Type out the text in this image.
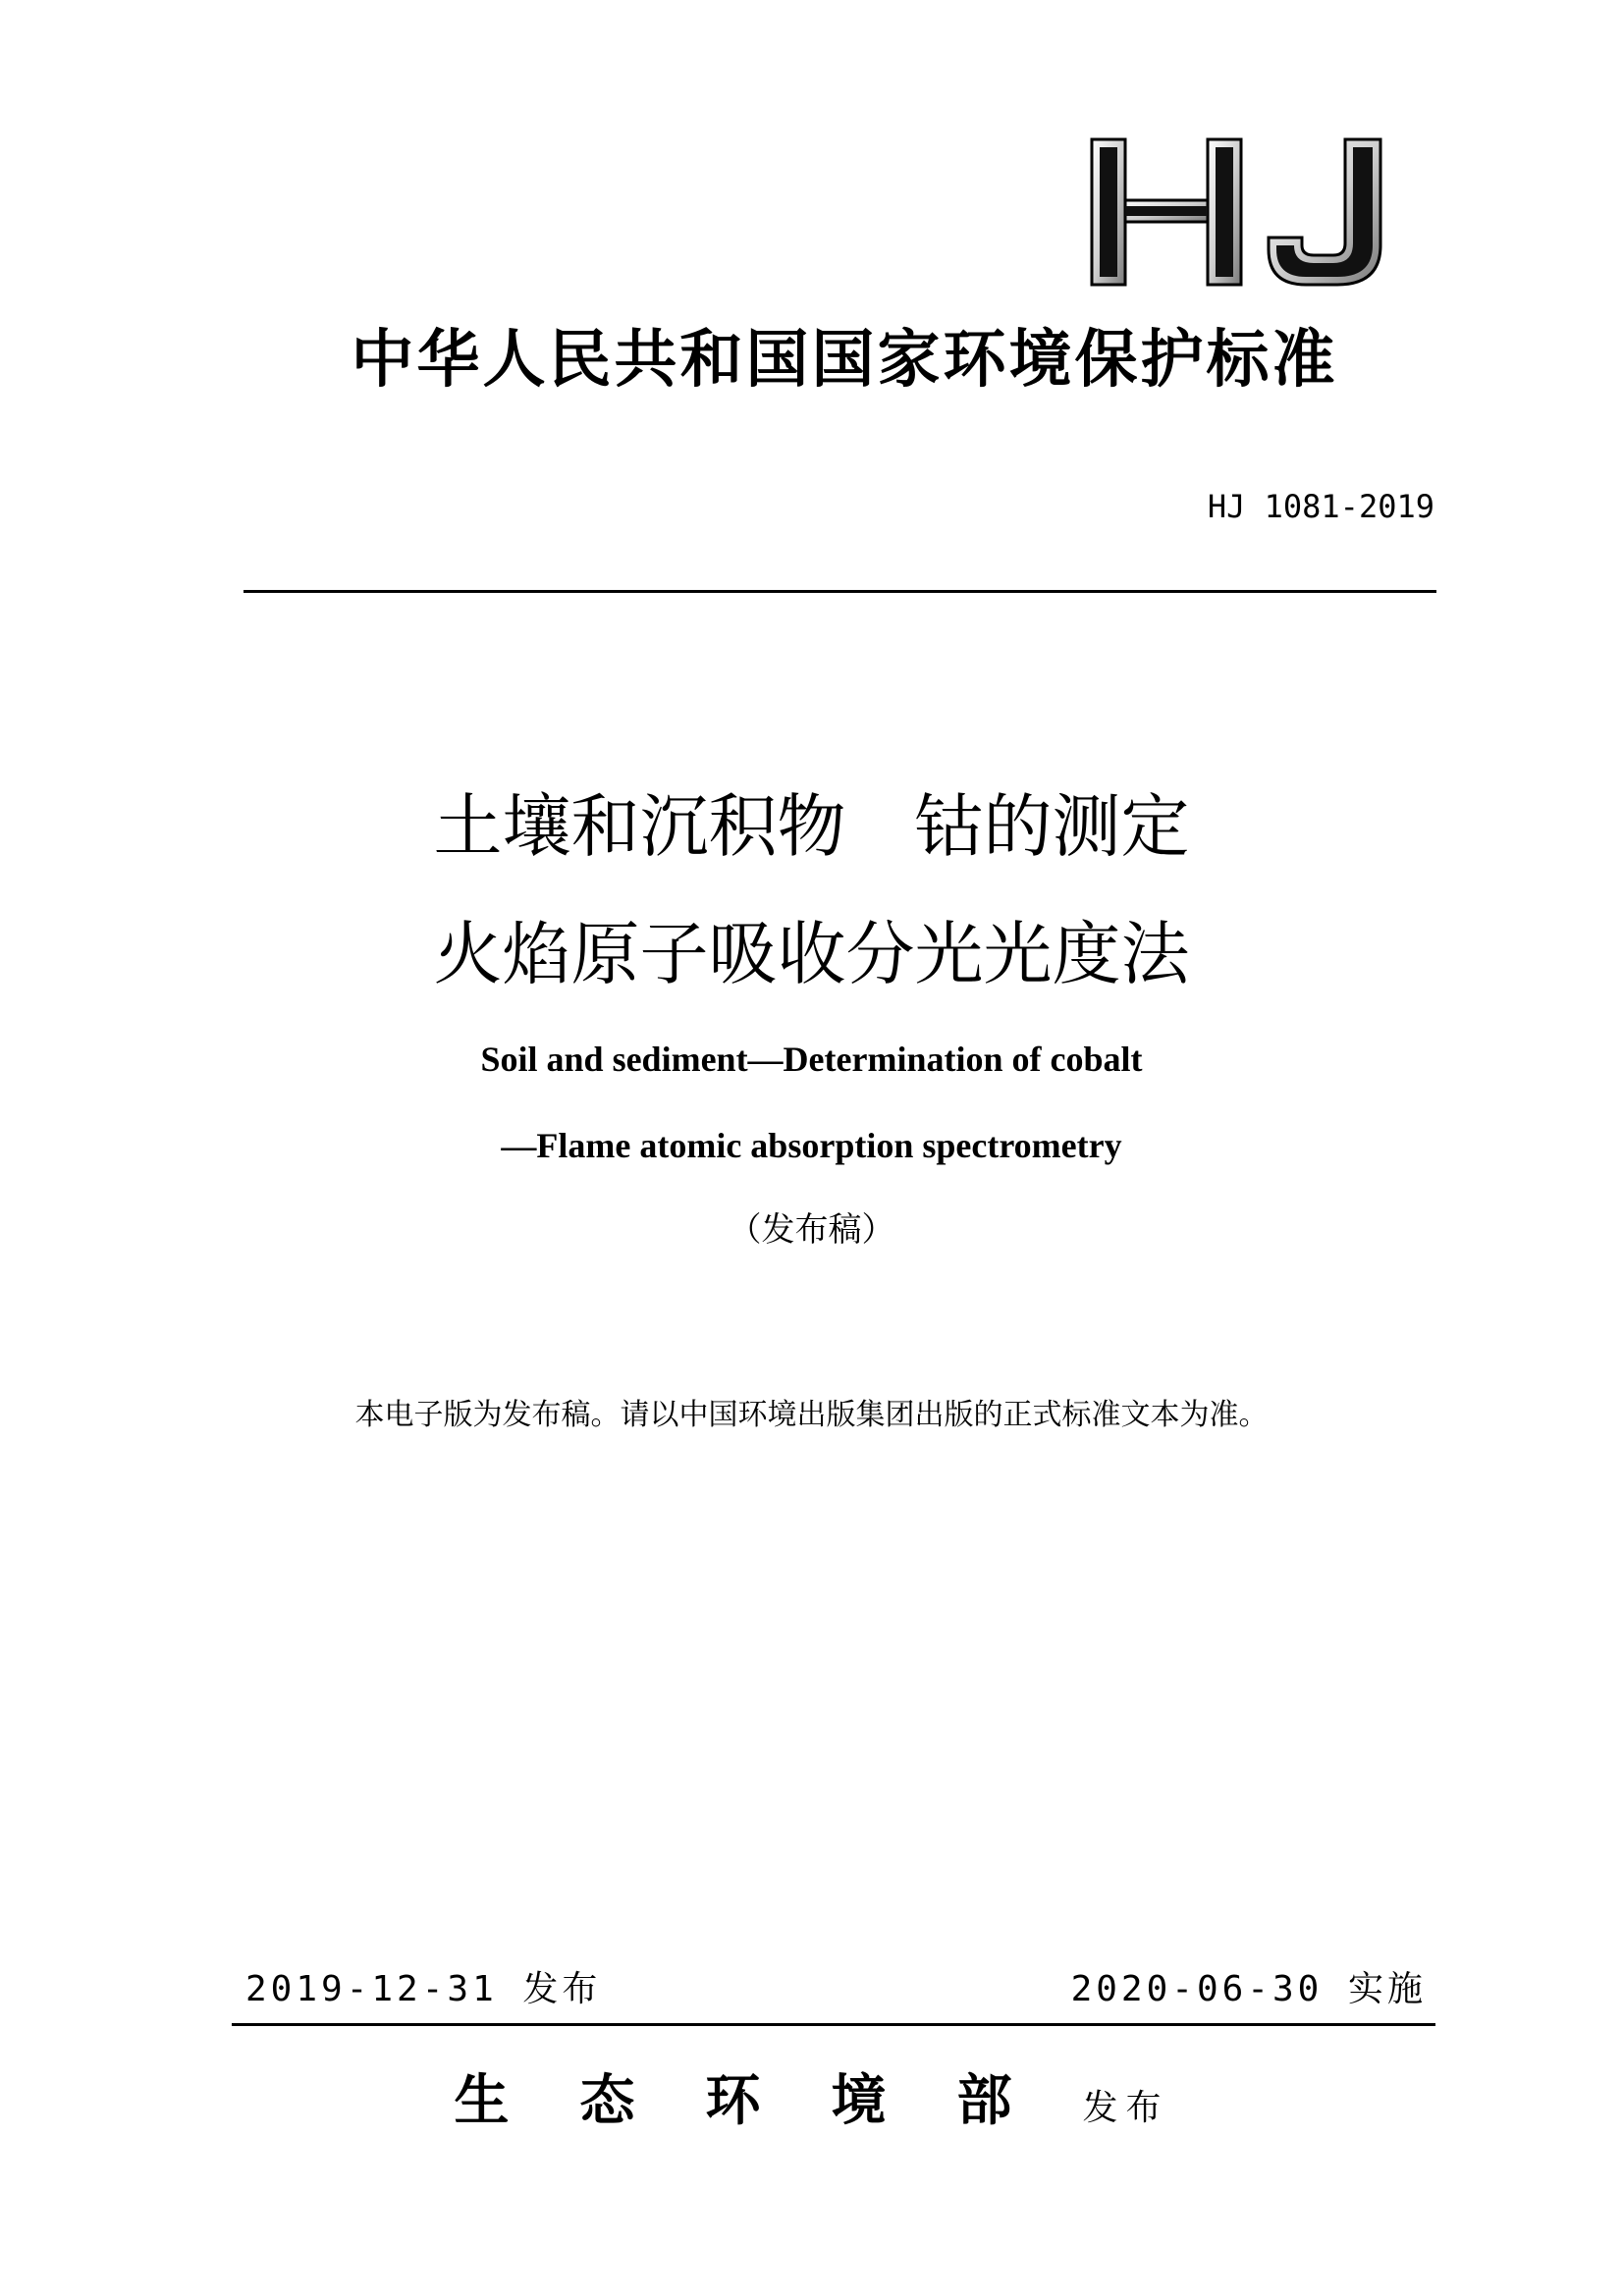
中华人民共和国国家环境保护标准
HJ 1081-2019
土壤和沉积物　钴的测定
火焰原子吸收分光光度法
Soil and sediment—Determination of cobalt
—Flame atomic absorption spectrometry
（发布稿）
本电子版为发布稿。请以中国环境出版集团出版的正式标准文本为准。
2019-12-31 发布	2020-06-30 实施
生态环境部发布
